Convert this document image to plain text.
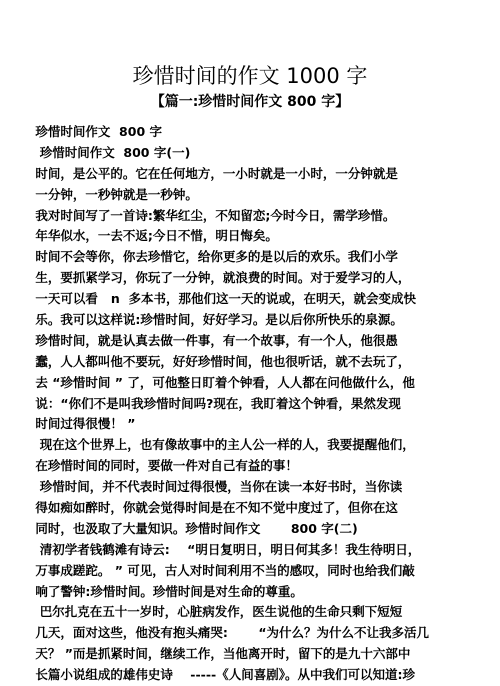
珍惜时间的作文 1000 字
【篇一:珍惜时间作文 800 字】
珍惜时间作文  800 字
珍惜时间作文  800 字(一)
时间，是公平的。它在任何地方，一小时就是一小时，一分钟就是
一分钟，一秒钟就是一秒钟。
我对时间写了一首诗:繁华红尘，不知留恋;今时今日，需学珍惜。
年华似水，一去不返;今日不惜，明日悔矣。
时间不会等你，你去珍惜它，给你更多的是以后的欢乐。我们小学
生，要抓紧学习，你玩了一分钟，就浪费的时间。对于爱学习的人，
一天可以看   n  多本书，那他们这一天的说或，在明天，就会变成快
乐。我可以这样说:珍惜时间，好好学习。是以后你所快乐的泉源。
珍惜时间，就是认真去做一件事，有一个故事，有一个人，他很愚
蠢，人人都叫他不要玩，好好珍惜时间，他也很听话，就不去玩了，
去 “珍惜时间 ” 了，可他整日盯着个钟看，人人都在问他做什么，他
说：“你们不是叫我珍惜时间吗?现在，我盯着这个钟看，果然发现
时间过得很慢！ ”
现在这个世界上，也有像故事中的主人公一样的人，我要提醒他们，
在珍惜时间的同时，要做一件对自己有益的事！
珍惜时间，并不代表时间过得很慢，当你在读一本好书时，当你读
得如痴如醉时，你就会觉得时间是在不知不觉中度过了，但你在这
同时，也汲取了大量知识。珍惜时间作文       800 字(二)
清初学者钱鹤滩有诗云:    “明日复明日，明日何其多！我生待明日，
万事成蹉跎。 ” 可见，古人对时间利用不当的感叹，同时也给我们敲
响了警钟:珍惜时间。珍惜时间是对生命的尊重。
巴尔扎克在五十一岁时，心脏病发作，医生说他的生命只剩下短短
几天，面对这些，他没有抱头痛哭:       “为什么？为什么不让我多活几
天？ ”而是抓紧时间，继续工作，当他离开时，留下的是九十六部中
长篇小说组成的雄伟史诗    -----《人间喜剧》。从中我们可以知道:珍
